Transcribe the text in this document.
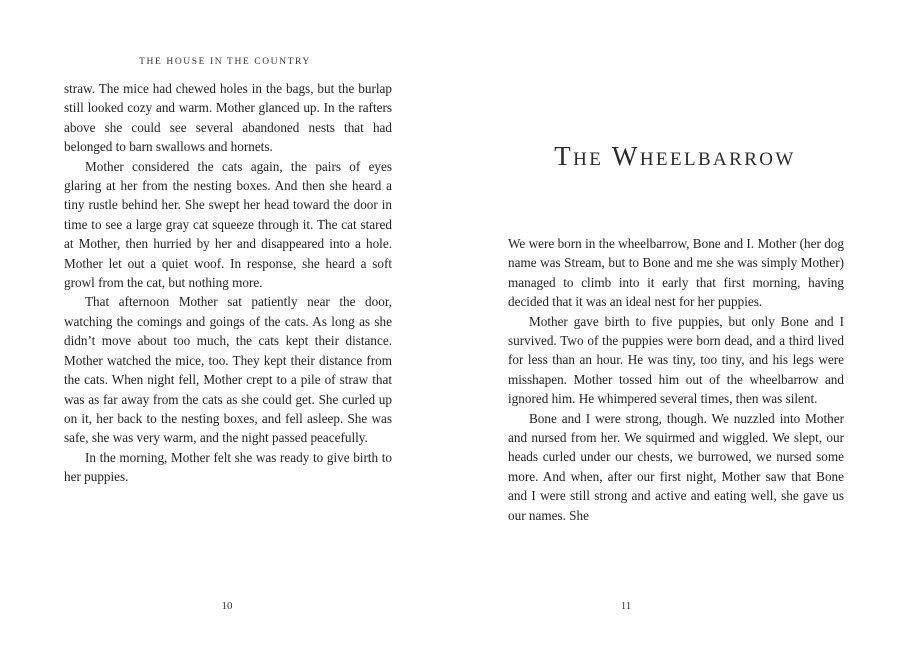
THE HOUSE IN THE COUNTRY

straw. The mice had chewed holes in the bags, but the burlap still looked cozy and warm. Mother glanced up. In the rafters above she could see several abandoned nests that had belonged to barn swallows and hornets.

Mother considered the cats again, the pairs of eyes glaring at her from the nesting boxes. And then she heard a tiny rustle behind her. She swept her head toward the door in time to see a large gray cat squeeze through it. The cat stared at Mother, then hurried by her and disappeared into a hole. Mother let out a quiet woof. In response, she heard a soft growl from the cat, but nothing more.

That afternoon Mother sat patiently near the door, watching the comings and goings of the cats. As long as she didn’t move about too much, the cats kept their distance. Mother watched the mice, too. They kept their distance from the cats. When night fell, Mother crept to a pile of straw that was as far away from the cats as she could get. She curled up on it, her back to the nesting boxes, and fell asleep. She was safe, she was very warm, and the night passed peacefully.

In the morning, Mother felt she was ready to give birth to her puppies.

10
The Wheelbarrow

We were born in the wheelbarrow, Bone and I. Mother (her dog name was Stream, but to Bone and me she was simply Mother) managed to climb into it early that first morning, having decided that it was an ideal nest for her puppies.

Mother gave birth to five puppies, but only Bone and I survived. Two of the puppies were born dead, and a third lived for less than an hour. He was tiny, too tiny, and his legs were misshapen. Mother tossed him out of the wheelbarrow and ignored him. He whimpered several times, then was silent.

Bone and I were strong, though. We nuzzled into Mother and nursed from her. We squirmed and wiggled. We slept, our heads curled under our chests, we burrowed, we nursed some more. And when, after our first night, Mother saw that Bone and I were still strong and active and eating well, she gave us our names. She

11
